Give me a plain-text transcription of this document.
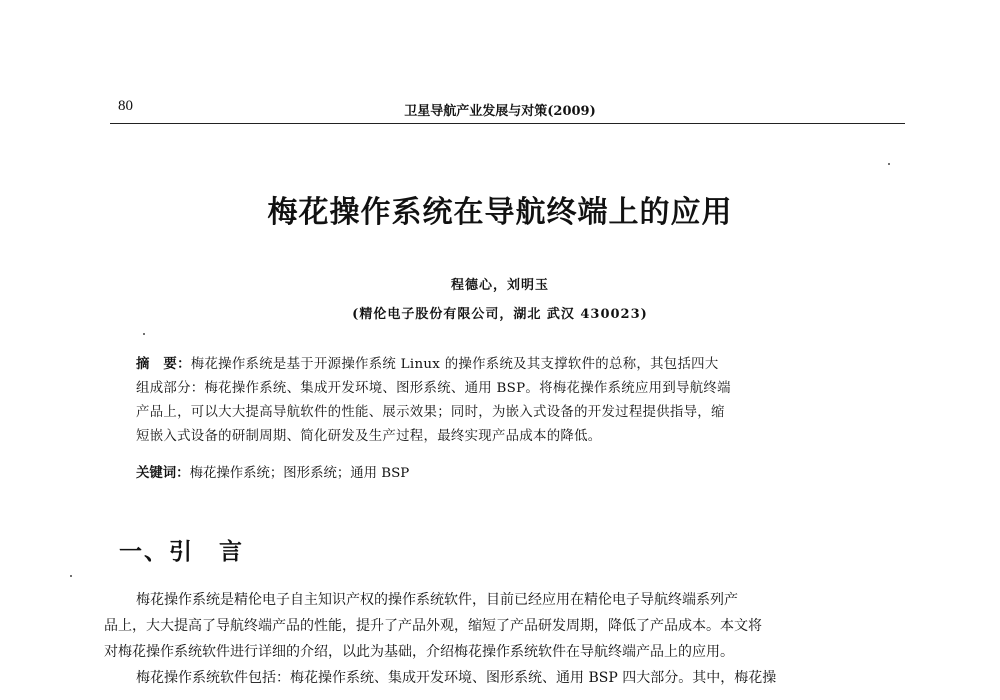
80	卫星导航产业发展与对策(2009)
梅花操作系统在导航终端上的应用
程德心，刘明玉
(精伦电子股份有限公司，湖北 武汉 430023)
摘　要：梅花操作系统是基于开源操作系统 Linux 的操作系统及其支撑软件的总称，其包括四大
组成部分：梅花操作系统、集成开发环境、图形系统、通用 BSP。将梅花操作系统应用到导航终端
产品上，可以大大提高导航软件的性能、展示效果；同时，为嵌入式设备的开发过程提供指导，缩
短嵌入式设备的研制周期、简化研发及生产过程，最终实现产品成本的降低。
关键词：梅花操作系统；图形系统；通用 BSP
一、引　言
梅花操作系统是精伦电子自主知识产权的操作系统软件，目前已经应用在精伦电子导航终端系列产
品上，大大提高了导航终端产品的性能，提升了产品外观，缩短了产品研发周期，降低了产品成本。本文将
对梅花操作系统软件进行详细的介绍，以此为基础，介绍梅花操作系统软件在导航终端产品上的应用。
梅花操作系统软件包括：梅花操作系统、集成开发环境、图形系统、通用 BSP 四大部分。其中，梅花操
